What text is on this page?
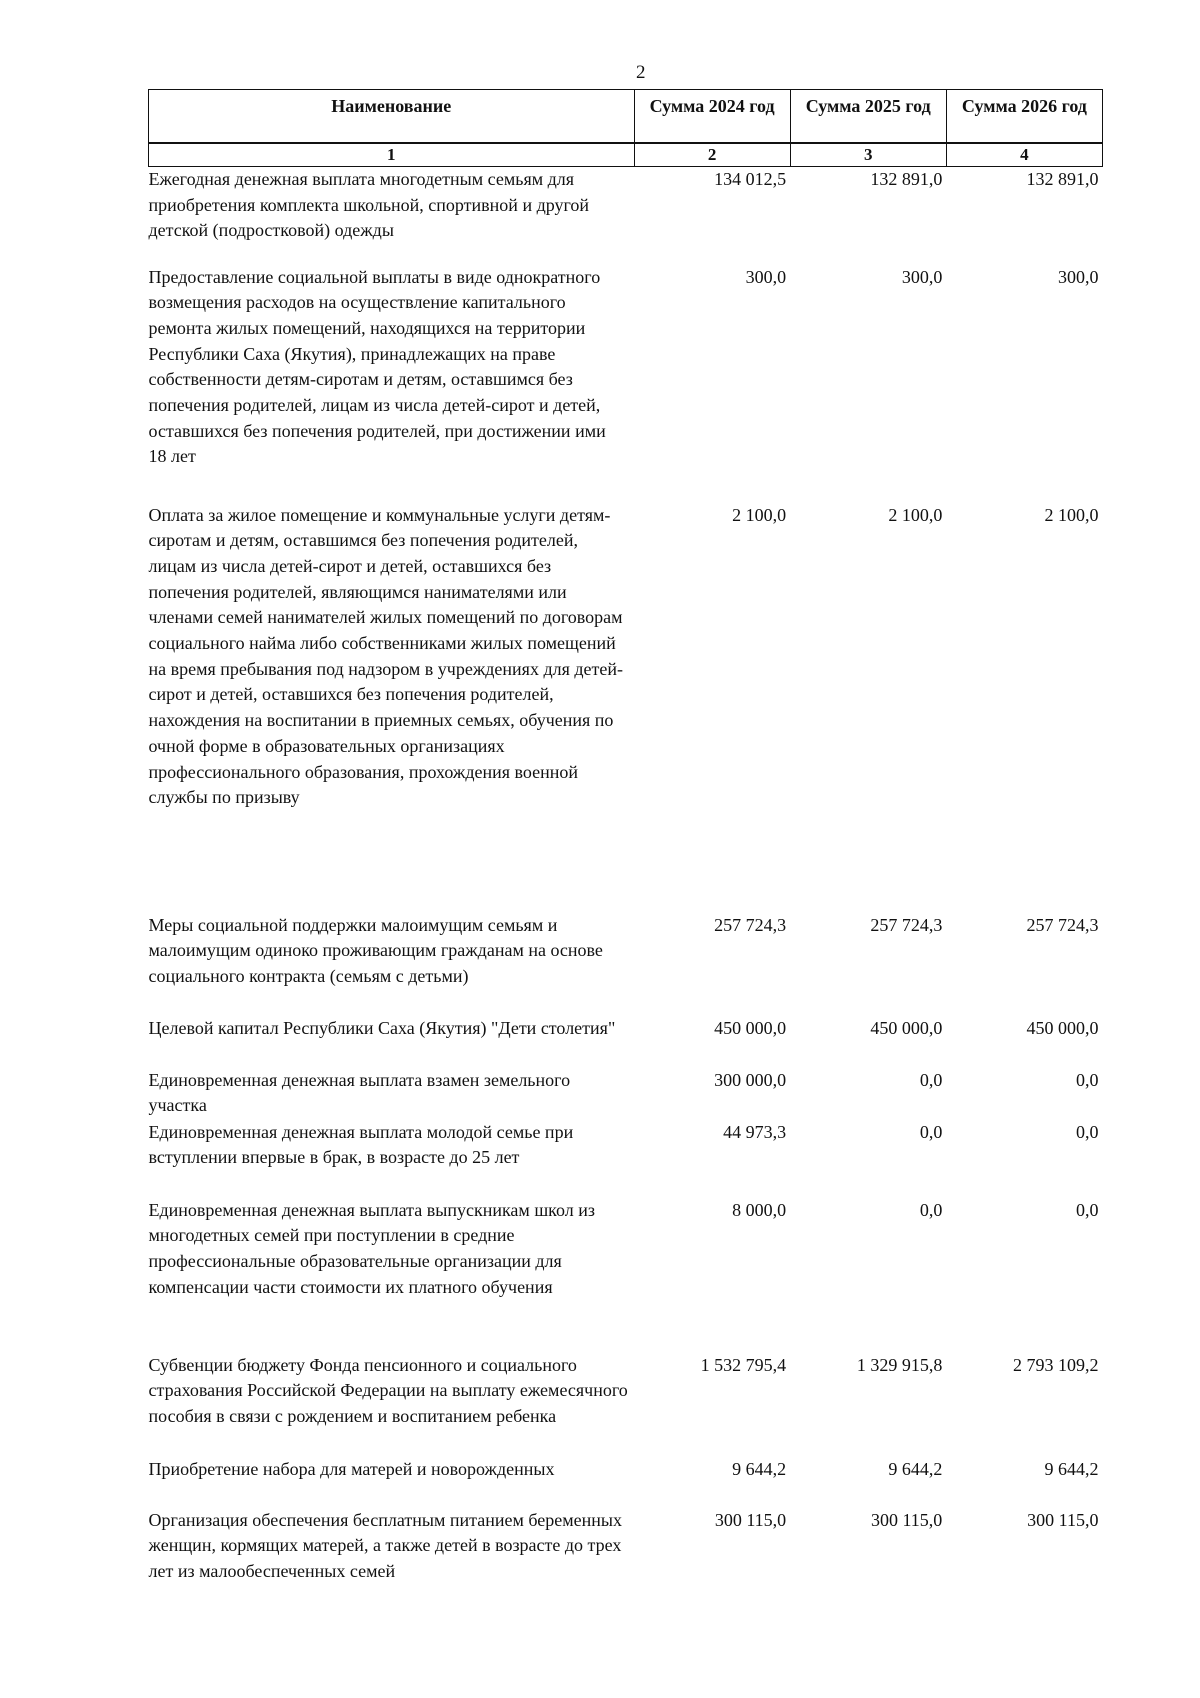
2
Наименование	Сумма 2024 год	Сумма 2025 год	Сумма 2026 год
1	2	3	4
Ежегодная денежная выплата многодетным семьям для приобретения комплекта школьной, спортивной и другой детской (подростковой) одежды	134 012,5	132 891,0	132 891,0
Предоставление социальной выплаты в виде однократного возмещения расходов на осуществление капитального ремонта жилых помещений, находящихся на территории Республики Саха (Якутия), принадлежащих на праве собственности детям-сиротам и детям, оставшимся без попечения родителей, лицам из числа детей-сирот и детей, оставшихся без попечения родителей, при достижении ими 18 лет	300,0	300,0	300,0
Оплата за жилое помещение и коммунальные услуги детям-сиротам и детям, оставшимся без попечения родителей, лицам из числа детей-сирот и детей, оставшихся без попечения родителей, являющимся нанимателями или членами семей нанимателей жилых помещений по договорам социального найма либо собственниками жилых помещений на время пребывания под надзором в учреждениях для детей-сирот и детей, оставшихся без попечения родителей, нахождения на воспитании в приемных семьях, обучения по очной форме в образовательных организациях профессионального образования, прохождения военной службы по призыву	2 100,0	2 100,0	2 100,0
Меры социальной поддержки малоимущим семьям и малоимущим одиноко проживающим гражданам на основе социального контракта (семьям с детьми)	257 724,3	257 724,3	257 724,3
Целевой капитал Республики Саха (Якутия) "Дети столетия"	450 000,0	450 000,0	450 000,0
Единовременная денежная выплата взамен земельного участка	300 000,0	0,0	0,0
Единовременная денежная выплата молодой семье при вступлении впервые в брак, в возрасте до 25 лет	44 973,3	0,0	0,0
Единовременная денежная выплата выпускникам школ из многодетных семей при поступлении в средние профессиональные образовательные организации для компенсации части стоимости их платного обучения	8 000,0	0,0	0,0
Субвенции бюджету Фонда пенсионного и социального страхования Российской Федерации на выплату ежемесячного пособия в связи с рождением и воспитанием ребенка	1 532 795,4	1 329 915,8	2 793 109,2
Приобретение набора для матерей и новорожденных	9 644,2	9 644,2	9 644,2
Организация обеспечения бесплатным питанием беременных женщин, кормящих матерей, а также детей в возрасте до трех лет из малообеспеченных семей	300 115,0	300 115,0	300 115,0
